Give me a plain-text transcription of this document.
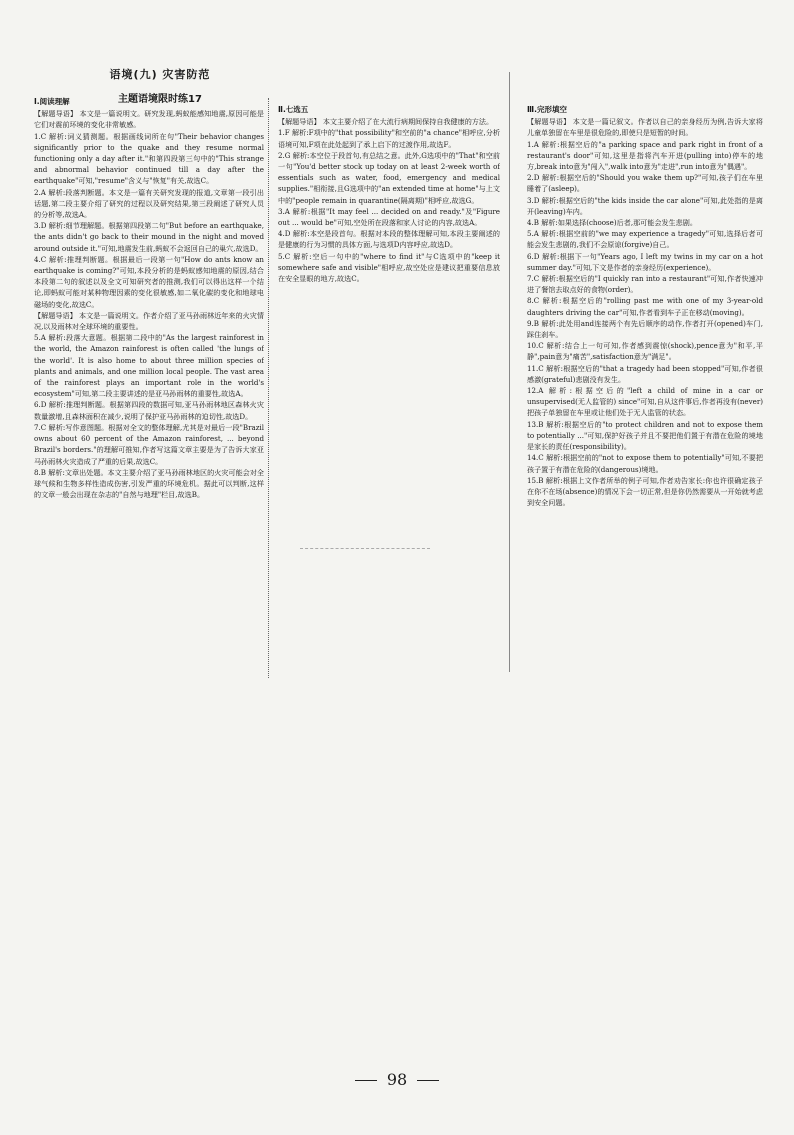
语境(九) 灾害防范
主题语境限时练17
Ⅰ.阅读理解

【解题导语】 本文是一篇说明文。研究发现,蚂蚁能感知地震,原因可能是它们对震前环境的变化非常敏感。

1.C 解析:词义猜测题。根据画线词所在句"Their behavior changes significantly prior to the quake and they resume normal functioning only a day after it."和第四段第三句中的"This strange and abnormal behavior continued till a day after the earthquake"可知,"resume"含义与"恢复"有关,故选C。

2.A 解析:段落判断题。本文是一篇有关研究发现的报道,文章第一段引出话题,第二段主要介绍了研究的过程以及研究结果,第三段阐述了研究人员的分析等,故选A。

3.D 解析:细节理解题。根据第四段第二句"But before an earthquake, the ants didn't go back to their mound in the night and moved around outside it."可知,地震发生前,蚂蚁不会返回自己的巢穴,故选D。

4.C 解析:推理判断题。根据最后一段第一句"How do ants know an earthquake is coming?"可知,本段分析的是蚂蚁感知地震的原因,结合本段第二句的叙述以及全文可知研究者的推测,我们可以得出这样一个结论,即蚂蚁可能对某种物理因素的变化很敏感,如二氧化碳的变化和地球电磁场的变化,故选C。

【解题导语】 本文是一篇说明文。作者介绍了亚马孙雨林近年来的火灾情况,以及雨林对全球环境的重要性。

5.A 解析:段落大意题。根据第二段中的"As the largest rainforest in the world, the Amazon rainforest is often called 'the lungs of the world'. It is also home to about three million species of plants and animals, and one million local people. The vast area of the rainforest plays an important role in the world's ecosystem"可知,第二段主要讲述的是亚马孙雨林的重要性,故选A。

6.D 解析:推理判断题。根据第四段的数据可知,亚马孙雨林地区森林火灾数量激增,且森林面积在减少,说明了保护亚马孙雨林的迫切性,故选D。

7.C 解析:写作意图题。根据对全文的整体理解,尤其是对最后一段"Brazil owns about 60 percent of the Amazon rainforest, ... beyond Brazil's borders."的理解可推知,作者写这篇文章主要是为了告诉大家亚马孙雨林火灾造成了严重的后果,故选C。

8.B 解析:文章出处题。本文主要介绍了亚马孙雨林地区的火灾可能会对全球气候和生物多样性造成伤害,引发严重的环境危机。据此可以判断,这样的文章一般会出现在杂志的"自然与地理"栏目,故选B。

Ⅱ.七选五

【解题导语】 本文主要介绍了在大流行病期间保持自我健康的方法。

1.F 解析:F项中的"that possibility"和空前的"a chance"相呼应,分析语境可知,F项在此处起到了承上启下的过渡作用,故选F。

2.G 解析:本空位于段首句,有总结之意。此外,G选项中的"That"和空前一句"You'd better stock up today on at least 2-week worth of essentials such as water, food, emergency and medical supplies."相衔接,且G选项中的"an extended time at home"与上文中的"people remain in quarantine(隔离期)"相呼应,故选G。

3.A 解析:根据"It may feel ... decided on and ready."及"Figure out ... would be"可知,空处所在段落和家人讨论的内容,故选A。

4.D 解析:本空是段首句。根据对本段的整体理解可知,本段主要阐述的是健康的行为习惯的具体方面,与选项D内容呼应,故选D。

5.C 解析:空后一句中的"where to find it"与C选项中的"keep it somewhere safe and visible"相呼应,故空处应是建议把重要信息放在安全显眼的地方,故选C。

Ⅲ.完形填空

【解题导语】 本文是一篇记叙文。作者以自己的亲身经历为例,告诉大家将儿童单独留在车里是很危险的,即使只是短暂的时间。

1.A 解析:根据空后的"a parking space and park right in front of a restaurant's door"可知,这里是指将汽车开进(pulling into)停车的地方,break into意为"闯入",walk into意为"走进",run into意为"偶遇"。

2.D 解析:根据空后的"Should you wake them up?"可知,孩子们在车里睡着了(asleep)。

3.D 解析:根据空后的"the kids inside the car alone"可知,此处指的是离开(leaving)车内。

4.B 解析:如果选择(choose)后者,那可能会发生悲剧。

5.A 解析:根据空前的"we may experience a tragedy"可知,选择后者可能会发生悲剧的,我们不会原谅(forgive)自己。

6.D 解析:根据下一句"Years ago, I left my twins in my car on a hot summer day."可知,下文是作者的亲身经历(experience)。

7.C 解析:根据空后的"I quickly ran into a restaurant"可知,作者快速冲进了餐馆去取点好的食物(order)。

8.C 解析:根据空后的"rolling past me with one of my 3-year-old daughters driving the car"可知,作者看到车子正在移动(moving)。

9.B 解析:此处用and连接两个有先后顺序的动作,作者打开(opened)车门,踩住刹车。

10.C 解析:结合上一句可知,作者感到震惊(shock),pence意为"和平,平静",pain意为"痛苦",satisfaction意为"满足"。

11.C 解析:根据空后的"that a tragedy had been stopped"可知,作者很感激(grateful)悲剧没有发生。

12.A 解析:根据空后的"left a child of mine in a car or unsupervised(无人监管的) since"可知,自从这件事后,作者再没有(never)把孩子单独留在车里或让他们处于无人监管的状态。

13.B 解析:根据空后的"to protect children and not to expose them to potentially ..."可知,保护好孩子并且不要把他们置于有潜在危险的境地是家长的责任(responsibility)。

14.C 解析:根据空前的"not to expose them to potentially"可知,不要把孩子置于有潜在危险的(dangerous)境地。

15.B 解析:根据上文作者所举的例子可知,作者劝告家长:你也许很确定孩子在你不在场(absence)的情况下会一切正常,但是你仍然需要从一开始就考虑到安全问题。

98
